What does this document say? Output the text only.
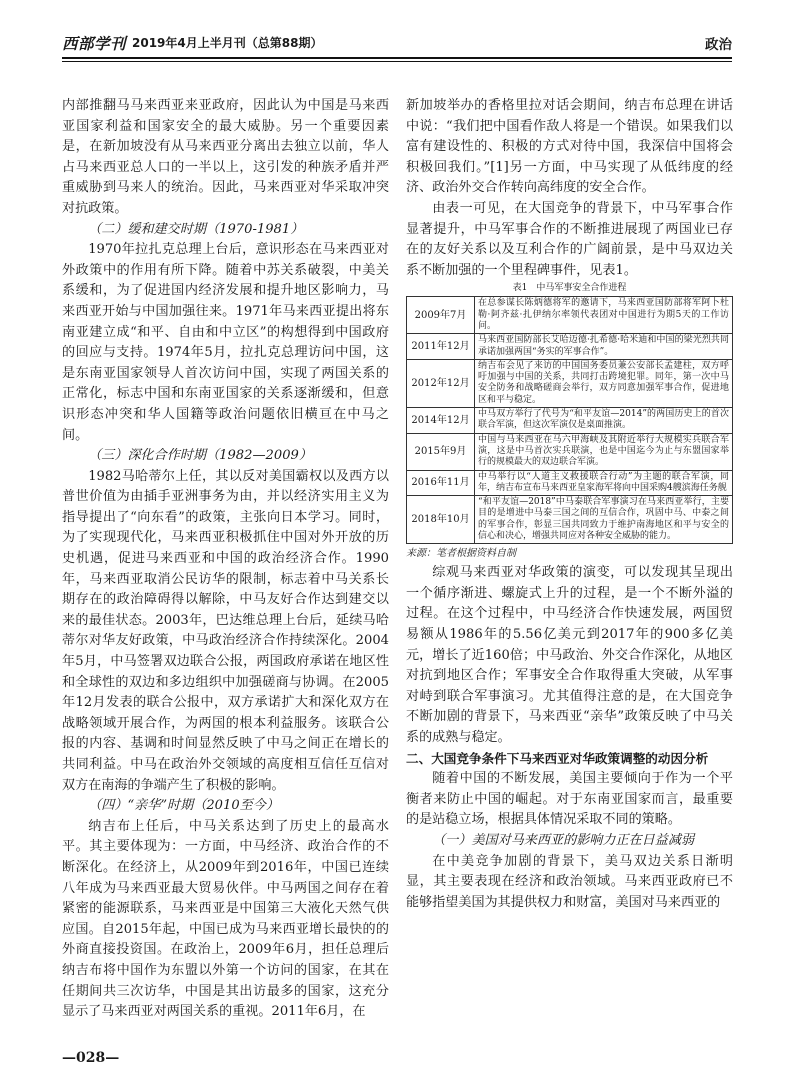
西部学刊 2019年4月上半月刊（总第88期）	政治

内部推翻马马来西亚来亚政府，因此认为中国是马来西亚国家利益和国家安全的最大威胁。另一个重要因素是，在新加坡没有从马来西亚分离出去独立以前，华人占马来西亚总人口的一半以上，这引发的种族矛盾并严重威胁到马来人的统治。因此，马来西亚对华采取冲突对抗政策。

（二）缓和建交时期（1970-1981）

1970年拉扎克总理上台后，意识形态在马来西亚对外政策中的作用有所下降。随着中苏关系破裂，中美关系缓和，为了促进国内经济发展和提升地区影响力，马来西亚开始与中国加强往来。1971年马来西亚提出将东南亚建立成“和平、自由和中立区”的构想得到中国政府的回应与支持。1974年5月，拉扎克总理访问中国，这是东南亚国家领导人首次访问中国，实现了两国关系的正常化，标志中国和东南亚国家的关系逐渐缓和，但意识形态冲突和华人国籍等政治问题依旧横亘在中马之间。

（三）深化合作时期（1982—2009）

1982马哈蒂尔上任，其以反对美国霸权以及西方以普世价值为由插手亚洲事务为由，并以经济实用主义为指导提出了“向东看”的政策，主张向日本学习。同时，为了实现现代化，马来西亚积极抓住中国对外开放的历史机遇，促进马来西亚和中国的政治经济合作。1990年，马来西亚取消公民访华的限制，标志着中马关系长期存在的政治障碍得以解除，中马友好合作达到建交以来的最佳状态。2003年，巴达维总理上台后，延续马哈蒂尔对华友好政策，中马政治经济合作持续深化。2004年5月，中马签署双边联合公报，两国政府承诺在地区性和全球性的双边和多边组织中加强磋商与协调。在2005年12月发表的联合公报中，双方承诺扩大和深化双方在战略领域开展合作，为两国的根本利益服务。该联合公报的内容、基调和时间显然反映了中马之间正在增长的共同利益。中马在政治外交领域的高度相互信任互信对双方在南海的争端产生了积极的影响。

（四）“亲华”时期（2010至今）

纳吉布上任后，中马关系达到了历史上的最高水平。其主要体现为：一方面，中马经济、政治合作的不断深化。在经济上，从2009年到2016年，中国已连续八年成为马来西亚最大贸易伙伴。中马两国之间存在着紧密的能源联系，马来西亚是中国第三大液化天然气供应国。自2015年起，中国已成为马来西亚增长最快的的外商直接投资国。在政治上，2009年6月，担任总理后纳吉布将中国作为东盟以外第一个访问的国家，在其在任期间共三次访华，中国是其出访最多的国家，这充分显示了马来西亚对两国关系的重视。2011年6月，在

新加坡举办的香格里拉对话会期间，纳吉布总理在讲话中说：“我们把中国看作敌人将是一个错误。如果我们以富有建设性的、积极的方式对待中国，我深信中国将会积极回我们。”[1]另一方面，中马实现了从低纬度的经济、政治外交合作转向高纬度的安全合作。

由表一可见，在大国竞争的背景下，中马军事合作显著提升，中马军事合作的不断推进展现了两国业已存在的友好关系以及互利合作的广阔前景，是中马双边关系不断加强的一个里程碑事件，见表1。

表1　中马军事安全合作进程
2009年7月	在总参谋长陈炳德将军的邀请下，马来西亚国防部将军阿卜杜勒·阿齐兹·扎伊纳尔率领代表团对中国进行为期5天的工作访问。
2011年12月	马来西亚国防部长艾哈迈德·扎希德·哈米迪和中国的梁光烈共同承诺加强两国“务实的军事合作”。
2012年12月	纳吉布会见了来访的中国国务委员兼公安部长孟建柱，双方呼吁加强与中国的关系，共同打击跨境犯罪。同年，第一次中马安全防务和战略磋商会举行，双方同意加强军事合作，促进地区和平与稳定。
2014年12月	中马双方举行了代号为“和平友谊—2014”的两国历史上的首次联合军演，但这次军演仅是桌面推演。
2015年9月	中国与马来西亚在马六甲海峡及其附近举行大规模实兵联合军演，这是中马首次实兵联演，也是中国迄今为止与东盟国家举行的规模最大的双边联合军演。
2016年11月	中马举行以“人道主义救援联合行动”为主题的联合军演，同年，纳吉布宣布马来西亚皇家海军将向中国采购4艘滨海任务舰
2018年10月	“和平友谊—2018”中马泰联合军事演习在马来西亚举行，主要目的是增进中马泰三国之间的互信合作，巩固中马、中泰之间的军事合作，彰显三国共同致力于维护南海地区和平与安全的信心和决心，增强共同应对各种安全威胁的能力。

来源：笔者根据资料自制

综观马来西亚对华政策的演变，可以发现其呈现出一个循序渐进、螺旋式上升的过程，是一个不断外溢的过程。在这个过程中，中马经济合作快速发展，两国贸易额从1986年的5.56亿美元到2017年的900多亿美元，增长了近160倍；中马政治、外交合作深化，从地区对抗到地区合作；军事安全合作取得重大突破，从军事对峙到联合军事演习。尤其值得注意的是，在大国竞争不断加剧的背景下，马来西亚“亲华”政策反映了中马关系的成熟与稳定。

二、大国竞争条件下马来西亚对华政策调整的动因分析

随着中国的不断发展，美国主要倾向于作为一个平衡者来防止中国的崛起。对于东南亚国家而言，最重要的是站稳立场，根据具体情况采取不同的策略。

（一）美国对马来西亚的影响力正在日益减弱

在中美竞争加剧的背景下，美马双边关系日渐明显，其主要表现在经济和政治领域。马来西亚政府已不能够指望美国为其提供权力和财富，美国对马来西亚的

—028—
